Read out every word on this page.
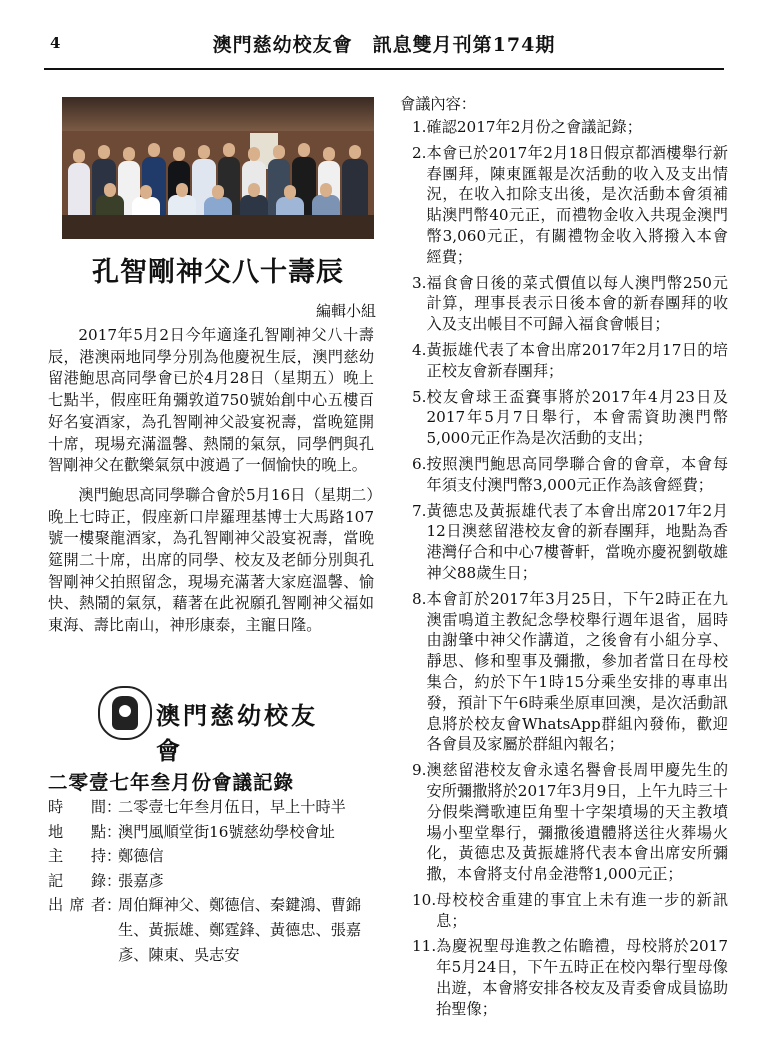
4	澳門慈幼校友會　訊息雙月刊第174期
孔智剛神父八十壽辰
編輯小組

2017年5月2日今年適逢孔智剛神父八十壽辰，港澳兩地同學分別為他慶祝生辰，澳門慈幼留港鮑思高同學會已於4月28日（星期五）晚上七點半，假座旺角彌敦道750號始創中心五樓百好名宴酒家，為孔智剛神父設宴祝壽，當晚筵開十席，現場充滿溫馨、熱鬧的氣氛，同學們與孔智剛神父在歡樂氣氛中渡過了一個愉快的晚上。

澳門鮑思高同學聯合會於5月16日（星期二）晚上七時正，假座新口岸羅理基博士大馬路107號一樓聚龍酒家，為孔智剛神父設宴祝壽，當晚筵開二十席，出席的同學、校友及老師分別與孔智剛神父拍照留念，現場充滿著大家庭溫馨、愉快、熱鬧的氣氛，藉著在此祝願孔智剛神父福如東海、壽比南山，神形康泰，主寵日隆。

澳門慈幼校友會
二零壹七年叁月份會議記錄
時間 ：
二零壹七年叁月伍日，早上十時半
地點 ：
澳門風順堂街16號慈幼學校會址
主持 ：
鄭德信
記錄 ：
張嘉彥
出席者 ：
周伯輝神父、鄭德信、秦鍵鴻、曹錦生、黃振雄、鄭霆鋒、黃德忠、張嘉彥、陳東、吳志安
會議內容：
1. 確認2017年2月份之會議記錄；
2. 本會已於2017年2月18日假京都酒樓舉行新春團拜，陳東匯報是次活動的收入及支出情況，在收入扣除支出後，是次活動本會須補貼澳門幣40元正，而禮物金收入共現金澳門幣3,060元正，有關禮物金收入將撥入本會經費；
3. 福食會日後的菜式價值以每人澳門幣250元計算，理事長表示日後本會的新春團拜的收入及支出帳目不可歸入福食會帳目；
4. 黃振雄代表了本會出席2017年2月17日的培正校友會新春團拜；
5. 校友會球王盃賽事將於2017年4月23日及2017年5月7日舉行，本會需資助澳門幣5,000元正作為是次活動的支出；
6. 按照澳門鮑思高同學聯合會的會章，本會每年須支付澳門幣3,000元正作為該會經費；
7. 黃德忠及黃振雄代表了本會出席2017年2月12日澳慈留港校友會的新春團拜，地點為香港灣仔合和中心7樓薈軒，當晚亦慶祝劉敬雄神父88歲生日；
8. 本會訂於2017年3月25日，下午2時正在九澳雷鳴道主教紀念學校舉行週年退省，屆時由謝肇中神父作講道，之後會有小組分享、靜思、修和聖事及彌撒，參加者當日在母校集合，約於下午1時15分乘坐安排的專車出發，預計下午6時乘坐原車回澳，是次活動訊息將於校友會WhatsApp群組內發佈，歡迎各會員及家屬於群組內報名；
9. 澳慈留港校友會永遠名譽會長周甲慶先生的安所彌撒將於2017年3月9日，上午九時三十分假柴灣歌連臣角聖十字架墳場的天主教墳場小聖堂舉行，彌撒後遺體將送往火葬場火化，黃德忠及黃振雄將代表本會出席安所彌撒，本會將支付帛金港幣1,000元正；
10. 母校校舍重建的事宜上未有進一步的新訊息；
11. 為慶祝聖母進教之佑瞻禮，母校將於2017年5月24日，下午五時正在校內舉行聖母像出遊，本會將安排各校友及青委會成員協助抬聖像；
